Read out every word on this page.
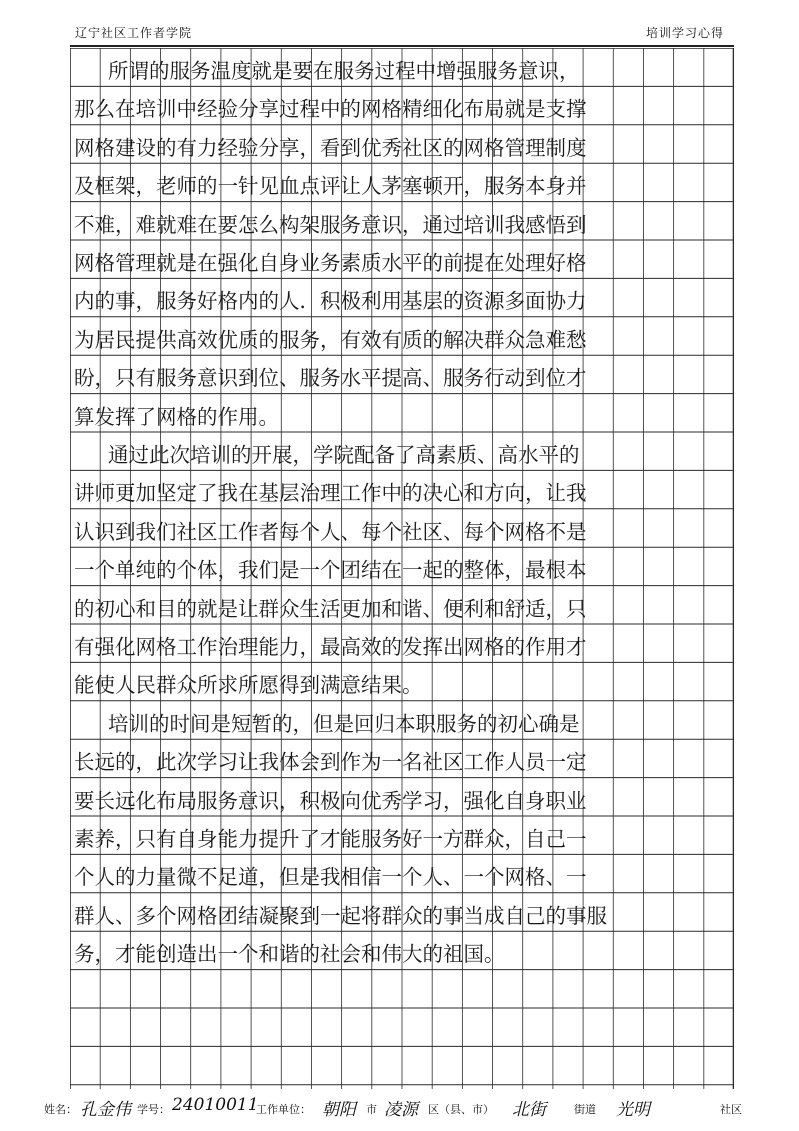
辽宁社区工作者学院	培训学习心得
所谓的服务温度就是要在服务过程中增强服务意识，
那么在培训中经验分享过程中的网格精细化布局就是支撑
网格建设的有力经验分享，看到优秀社区的网格管理制度
及框架，老师的一针见血点评让人茅塞顿开，服务本身并
不难，难就难在要怎么构架服务意识，通过培训我感悟到
网格管理就是在强化自身业务素质水平的前提在处理好格
内的事，服务好格内的人．积极利用基层的资源多面协力
为居民提供高效优质的服务，有效有质的解决群众急难愁
盼，只有服务意识到位、服务水平提高、服务行动到位才
算发挥了网格的作用。
通过此次培训的开展，学院配备了高素质、高水平的
讲师更加坚定了我在基层治理工作中的决心和方向，让我
认识到我们社区工作者每个人、每个社区、每个网格不是
一个单纯的个体，我们是一个团结在一起的整体，最根本
的初心和目的就是让群众生活更加和谐、便利和舒适，只
有强化网格工作治理能力，最高效的发挥出网格的作用才
能使人民群众所求所愿得到满意结果。
培训的时间是短暂的，但是回归本职服务的初心确是
长远的，此次学习让我体会到作为一名社区工作人员一定
要长远化布局服务意识，积极向优秀学习，强化自身职业
素养，只有自身能力提升了才能服务好一方群众，自己一
个人的力量微不足道，但是我相信一个人、一个网格、一
群人、多个网格团结凝聚到一起将群众的事当成自己的事服
务，才能创造出一个和谐的社会和伟大的祖国。
姓名： 孔金伟 学号： 24010011
工作单位： 朝阳 市 凌源 区（县、市） 北街	街道 光明	社区
